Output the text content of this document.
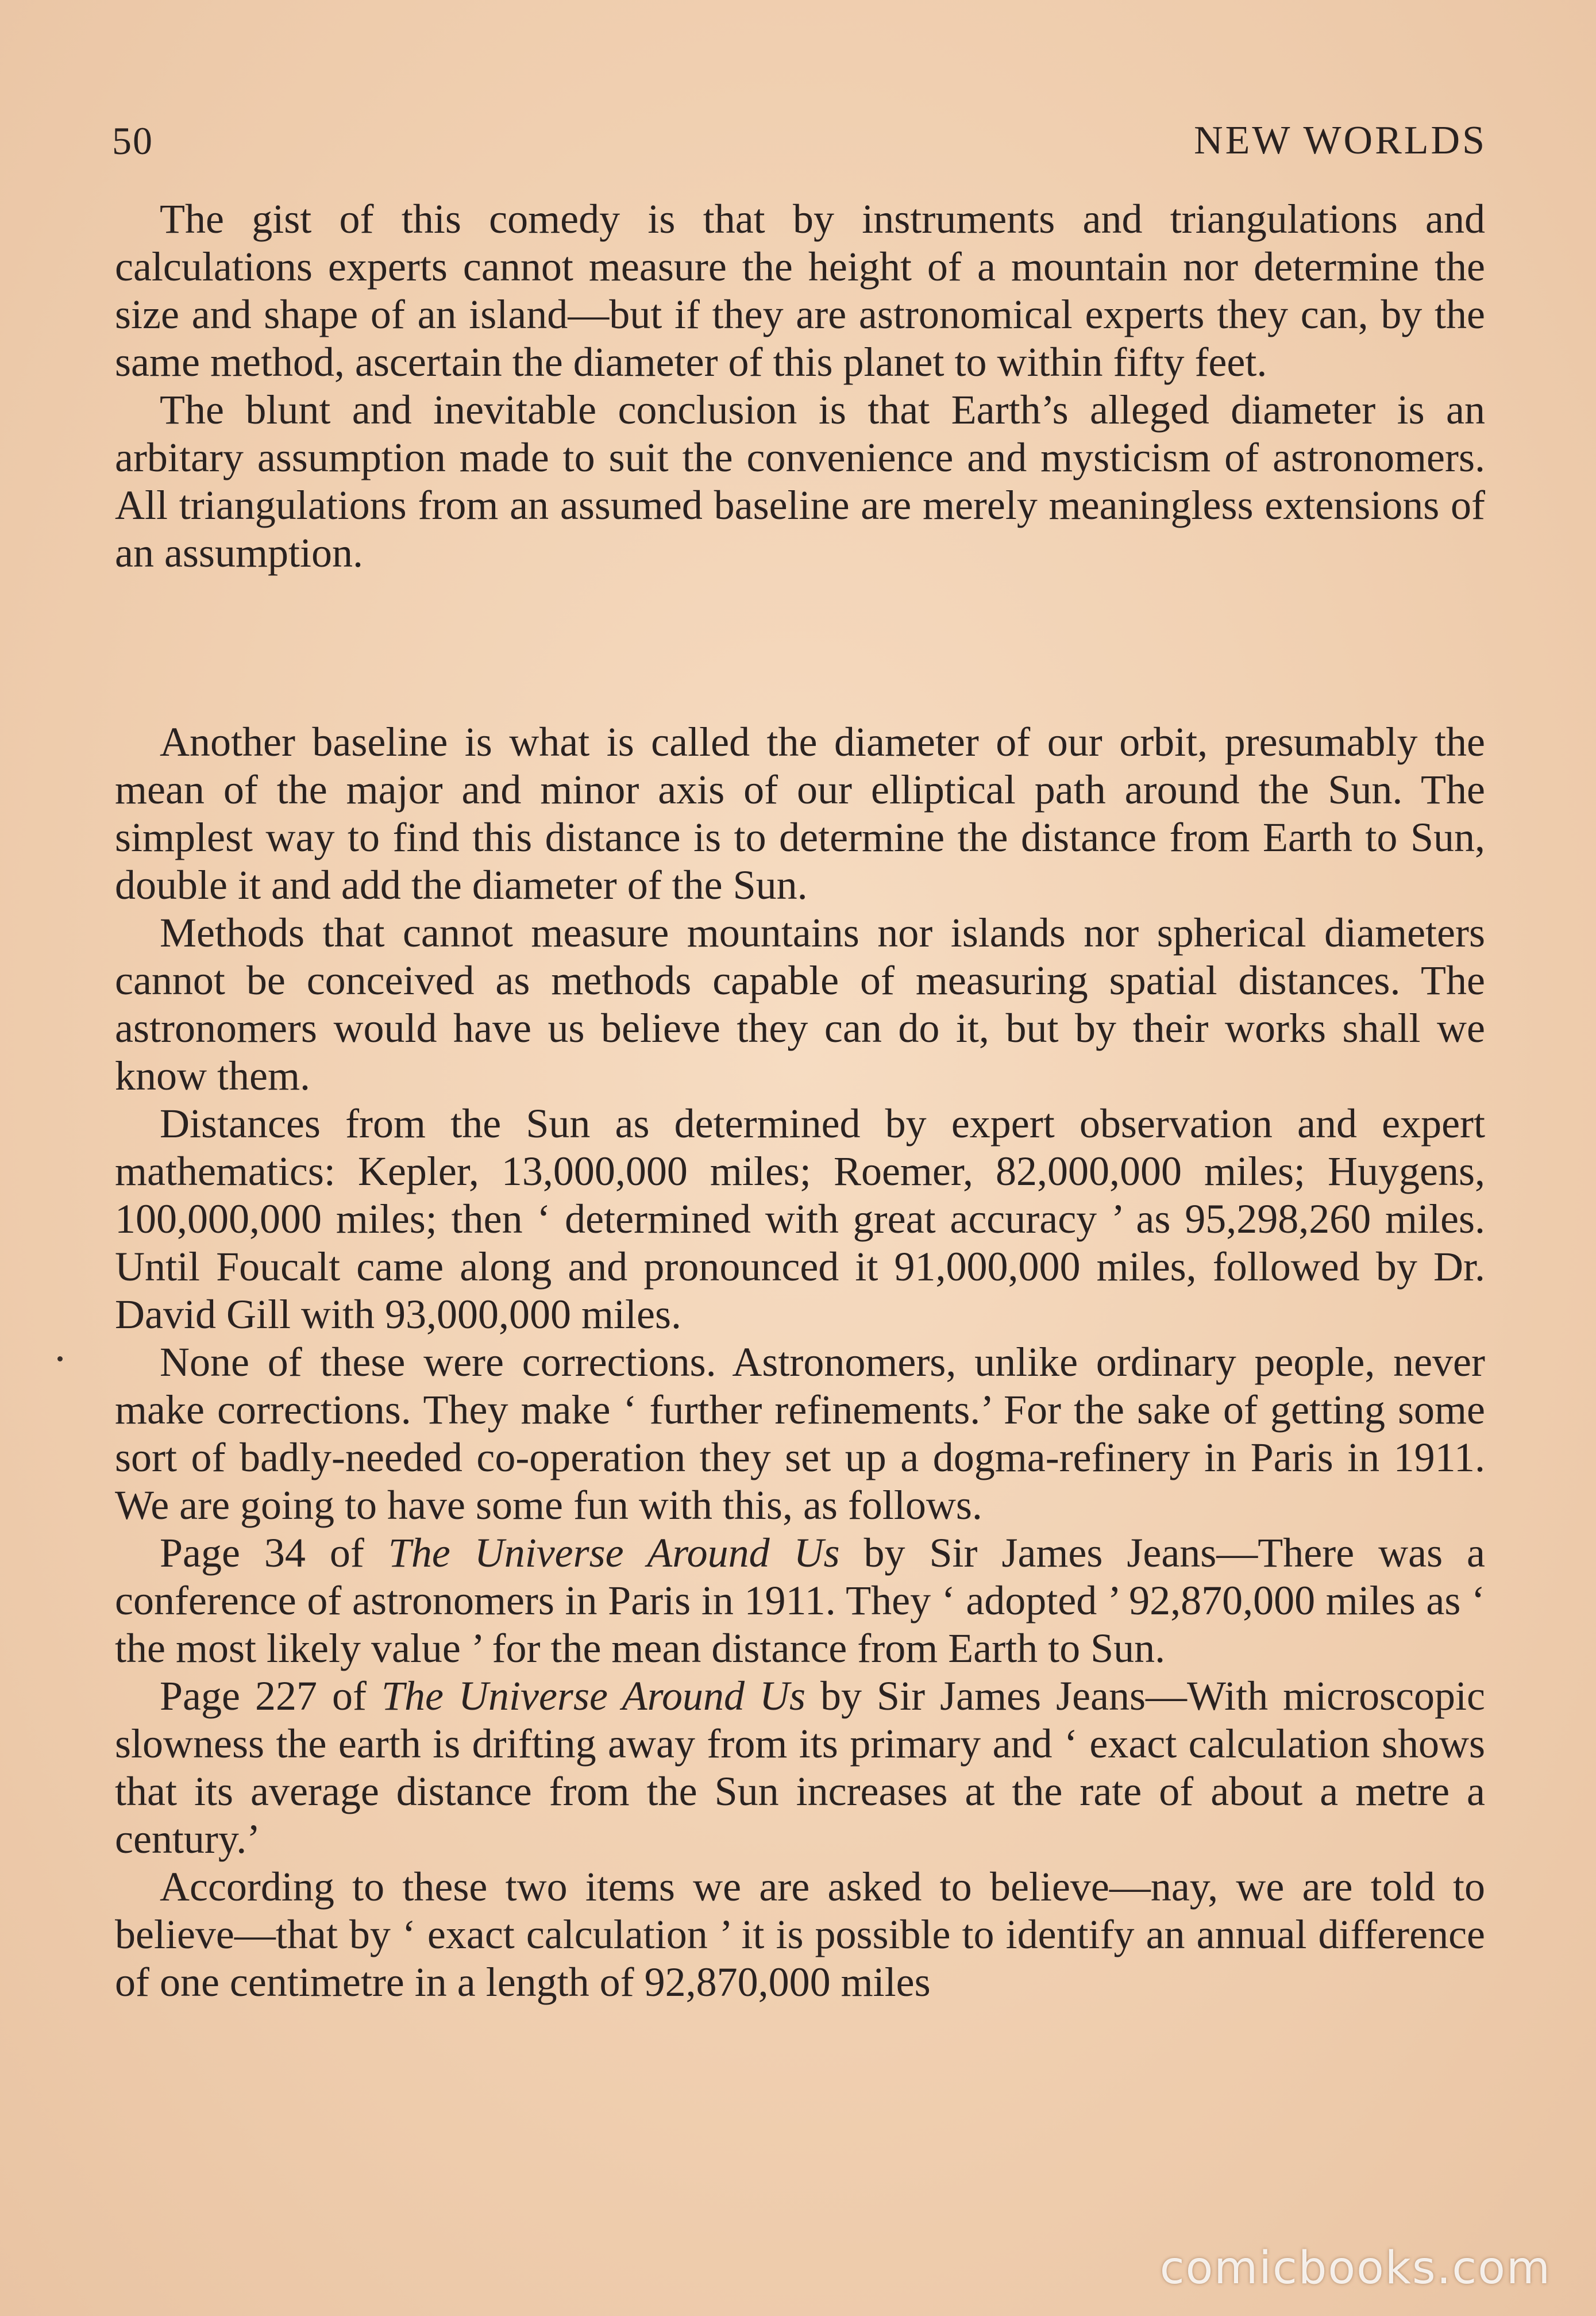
50	NEW WORLDS

The gist of this comedy is that by instruments and triangulations and calculations experts cannot measure the height of a mountain nor determine the size and shape of an island—but if they are astronomical experts they can, by the same method, ascertain the diameter of this planet to within fifty feet.

The blunt and inevitable conclusion is that Earth’s alleged diameter is an arbitary assumption made to suit the convenience and mysticism of astronomers. All triangulations from an assumed baseline are merely meaningless extensions of an assumption.

Another baseline is what is called the diameter of our orbit, presumably the mean of the major and minor axis of our elliptical path around the Sun. The simplest way to find this distance is to determine the distance from Earth to Sun, double it and add the diameter of the Sun.

Methods that cannot measure mountains nor islands nor spherical diameters cannot be conceived as methods capable of measuring spatial distances. The astronomers would have us believe they can do it, but by their works shall we know them.

Distances from the Sun as determined by expert observation and expert mathematics: Kepler, 13,000,000 miles; Roemer, 82,000,000 miles; Huygens, 100,000,000 miles; then ‘ determined with great accuracy ’ as 95,298,260 miles. Until Foucalt came along and pronounced it 91,000,000 miles, followed by Dr. David Gill with 93,000,000 miles.

None of these were corrections. Astronomers, unlike ordinary people, never make corrections. They make ‘ further refinements.’ For the sake of getting some sort of badly-needed co-operation they set up a dogma-refinery in Paris in 1911. We are going to have some fun with this, as follows.

Page 34 of The Universe Around Us by Sir James Jeans—There was a conference of astronomers in Paris in 1911. They ‘ adopted ’ 92,870,000 miles as ‘ the most likely value ’ for the mean distance from Earth to Sun.

Page 227 of The Universe Around Us by Sir James Jeans—With microscopic slowness the earth is drifting away from its primary and ‘ exact calculation shows that its average distance from the Sun increases at the rate of about a metre a century.’

According to these two items we are asked to believe—nay, we are told to believe—that by ‘ exact calculation ’ it is possible to identify an annual difference of one centimetre in a length of 92,870,000 miles

comicbooks.com
